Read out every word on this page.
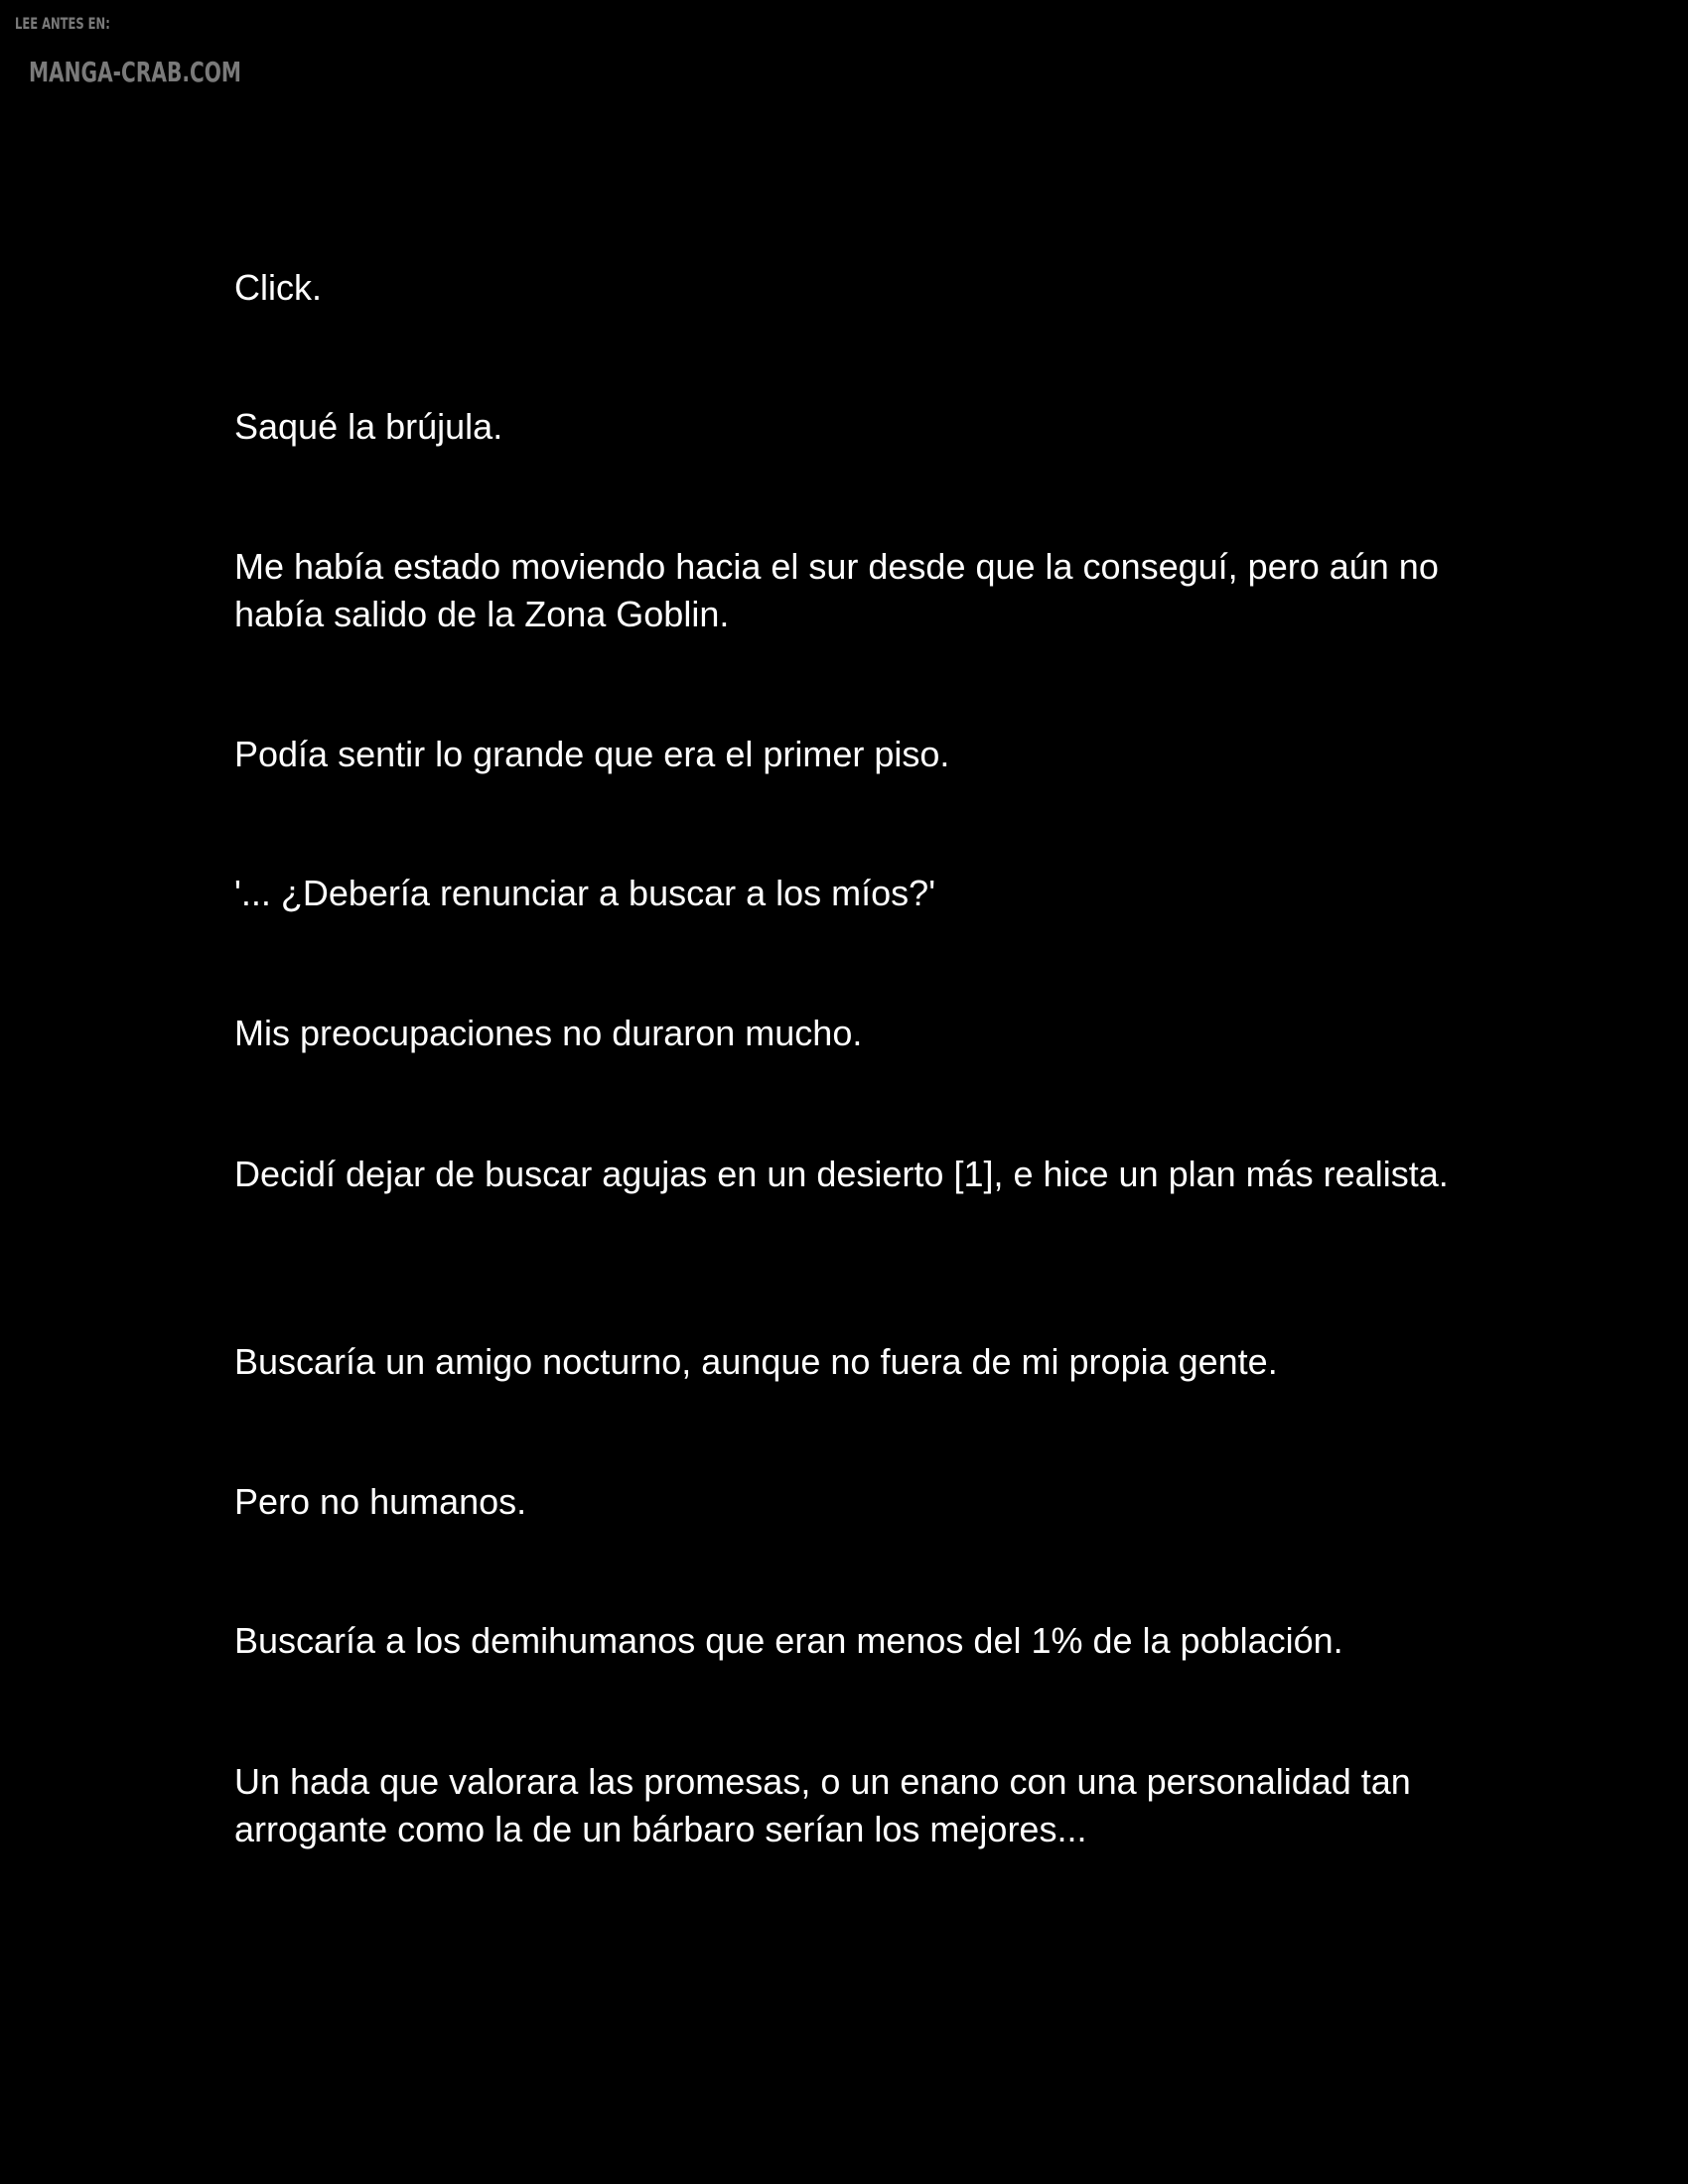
LEE ANTES EN:
MANGA-CRAB.COM

Click.

Saqué la brújula.

Me había estado moviendo hacia el sur desde que la conseguí, pero aún no había salido de la Zona Goblin.

Podía sentir lo grande que era el primer piso.

'... ¿Debería renunciar a buscar a los míos?'

Mis preocupaciones no duraron mucho.

Decidí dejar de buscar agujas en un desierto [1], e hice un plan más realista.

Buscaría un amigo nocturno, aunque no fuera de mi propia gente.

Pero no humanos.

Buscaría a los demihumanos que eran menos del 1% de la población.

Un hada que valorara las promesas, o un enano con una personalidad tan arrogante como la de un bárbaro serían los mejores...
